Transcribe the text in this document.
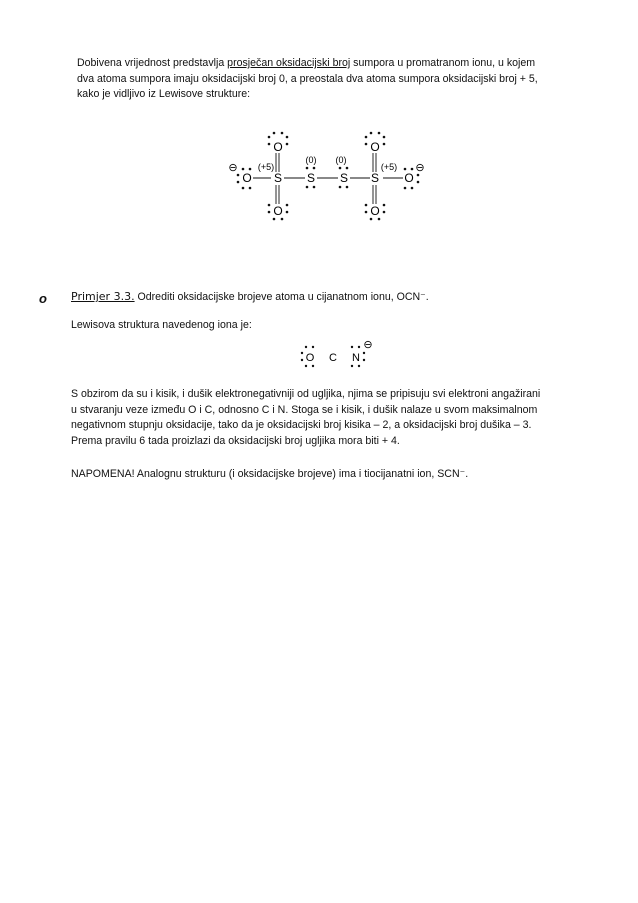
Dobivena vrijednost predstavlja prosječan oksidacijski broj sumpora u promatranom ionu, u kojem
dva atoma sumpora imaju oksidacijski broj 0, a preostala dva atoma sumpora oksidacijski broj + 5,
kako je vidljivo iz Lewisove strukture:

O
O
O
O
O
O
S S S S
(+5)
(0) (0)
(+5)
⊖	⊖
O C N
⊖
o Primjer 3.3. Odrediti oksidacijske brojeve atoma u cijanatnom ionu, OCN⁻.

Lewisova struktura navedenog iona je:

S obzirom da su i kisik, i dušik elektronegativniji od ugljika, njima se pripisuju svi elektroni angažirani
u stvaranju veze između O i C, odnosno C i N. Stoga se i kisik, i dušik nalaze u svom maksimalnom
negativnom stupnju oksidacije, tako da je oksidacijski broj kisika – 2, a oksidacijski broj dušika – 3.
Prema pravilu 6 tada proizlazi da oksidacijski broj ugljika mora biti + 4.

NAPOMENA! Analognu strukturu (i oksidacijske brojeve) ima i tiocijanatni ion, SCN⁻.
